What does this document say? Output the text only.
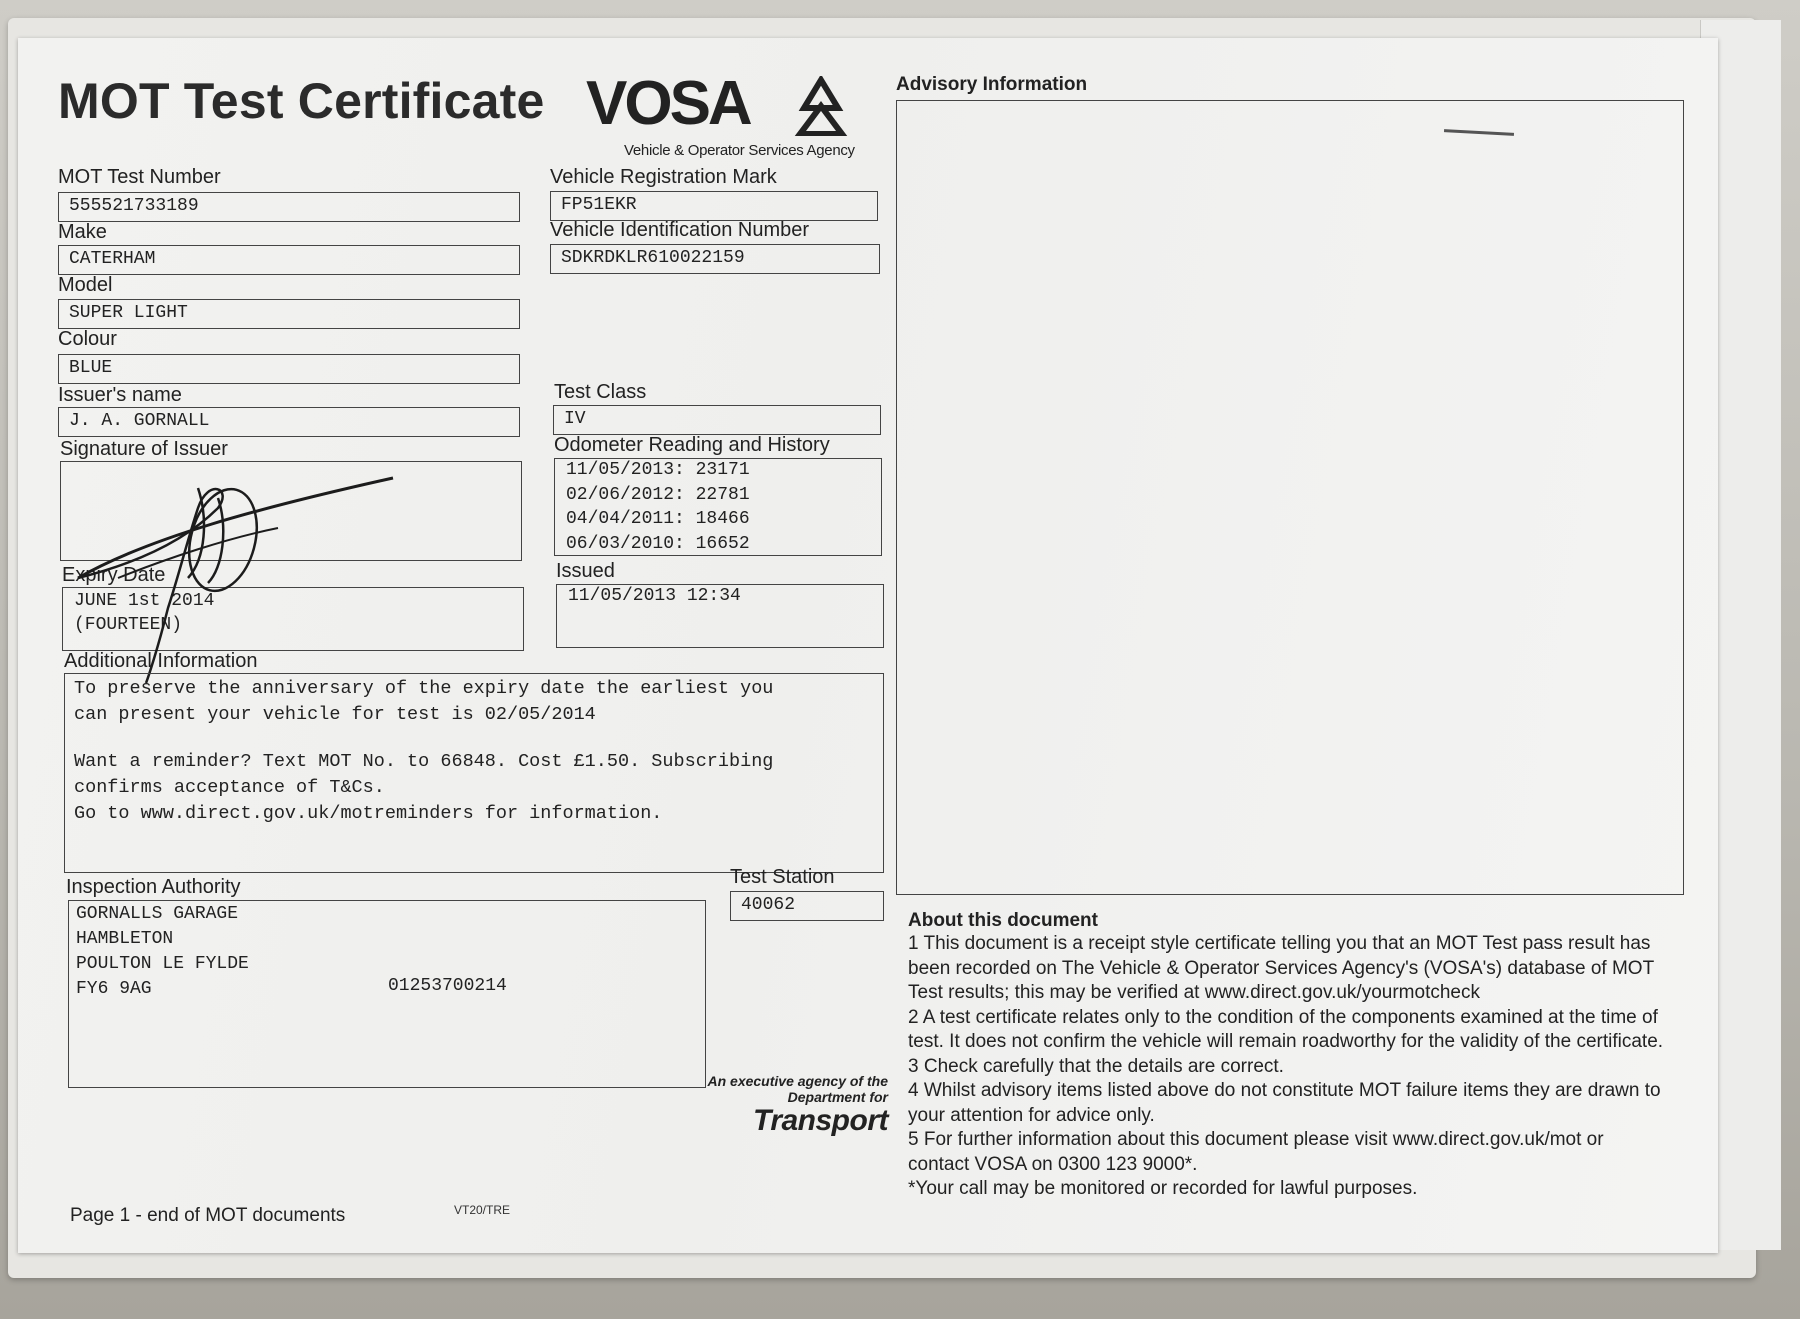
MOT Test Certificate VOSA
Vehicle & Operator Services Agency
MOT Test Number
555521733189
Make
CATERHAM
Model
SUPER LIGHT
Colour
BLUE
Issuer's name
J. A. GORNALL
Signature of Issuer
Expiry Date
JUNE 1st 2014
(FOURTEEN)
Vehicle Registration Mark
FP51EKR
Vehicle Identification Number
SDKRDKLR610022159
Test Class
IV
Odometer Reading and History
11/05/2013: 23171
02/06/2012: 22781
04/04/2011: 18466
06/03/2010: 16652
Issued
11/05/2013 12:34
Additional Information
To preserve the anniversary of the expiry date the earliest you
can present your vehicle for test is 02/05/2014
Want a reminder? Text MOT No. to 66848. Cost £1.50. Subscribing
confirms acceptance of T&Cs.
Go to www.direct.gov.uk/motreminders for information.
Inspection Authority
GORNALLS GARAGE
HAMBLETON
POULTON LE FYLDE
FY6 9AG	01253700214
Test Station
40062
An executive agency of the
Department for
Transport
Page 1 - end of MOT documents	VT20/TRE
Advisory Information
About this document

1 This document is a receipt style certificate telling you that an MOT Test pass result has

been recorded on The Vehicle & Operator Services Agency's (VOSA's) database of MOT

Test results; this may be verified at www.direct.gov.uk/yourmotcheck

2 A test certificate relates only to the condition of the components examined at the time of

test. It does not confirm the vehicle will remain roadworthy for the validity of the certificate.

3 Check carefully that the details are correct.

4 Whilst advisory items listed above do not constitute MOT failure items they are drawn to

your attention for advice only.

5 For further information about this document please visit www.direct.gov.uk/mot or

contact VOSA on 0300 123 9000*.

*Your call may be monitored or recorded for lawful purposes.
